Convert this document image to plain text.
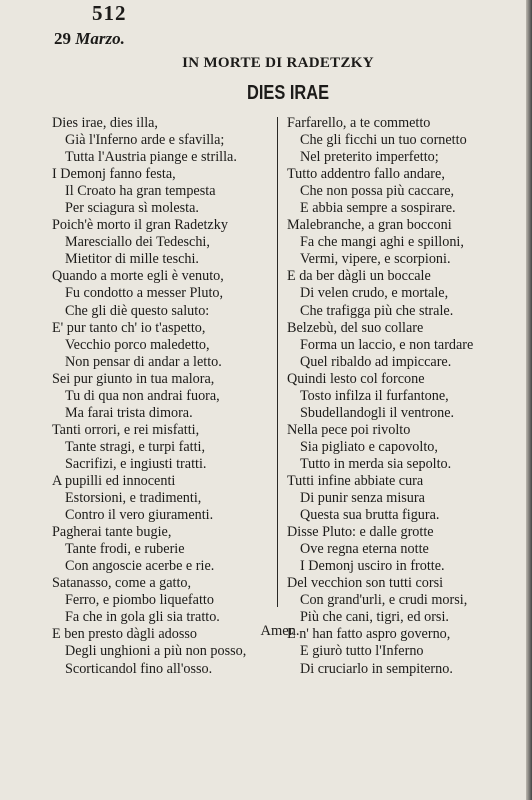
512
29 Marzo.
IN MORTE DI RADETZKY
DIES IRAE
Dies irae, dies illa,
Già l'Inferno arde e sfavilla;
Tutta l'Austria piange e strilla.
I Demonj fanno festa,
Il Croato ha gran tempesta
Per sciagura sì molesta.
Poich'è morto il gran Radetzky
Maresciallo dei Tedeschi,
Mietitor di mille teschi.
Quando a morte egli è venuto,
Fu condotto a messer Pluto,
Che gli diè questo saluto:
E' pur tanto ch' io t'aspetto,
Vecchio porco maledetto,
Non pensar di andar a letto.
Sei pur giunto in tua malora,
Tu di qua non andrai fuora,
Ma farai trista dimora.
Tanti orrori, e rei misfatti,
Tante stragi, e turpi fatti,
Sacrifizi, e ingiusti tratti.
A pupilli ed innocenti
Estorsioni, e tradimenti,
Contro il vero giuramenti.
Pagherai tante bugie,
Tante frodi, e ruberie
Con angoscie acerbe e rie.
Satanasso, come a gatto,
Ferro, e piombo liquefatto
Fa che in gola gli sia tratto.
E ben presto dàgli adosso
Degli unghioni a più non posso,
Scorticandol fino all'osso.
Farfarello, a te commetto
Che gli ficchi un tuo cornetto
Nel preterito imperfetto;
Tutto addentro fallo andare,
Che non possa più caccare,
E abbia sempre a sospirare.
Malebranche, a gran bocconi
Fa che mangi aghi e spilloni,
Vermi, vipere, e scorpioni.
E da ber dàgli un boccale
Di velen crudo, e mortale,
Che trafigga più che strale.
Belzebù, del suo collare
Forma un laccio, e non tardare
Quel ribaldo ad impiccare.
Quindi lesto col forcone
Tosto infilza il furfantone,
Sbudellandogli il ventrone.
Nella pece poi rivolto
Sia pigliato e capovolto,
Tutto in merda sia sepolto.
Tutti infine abbiate cura
Di punir senza misura
Questa sua brutta figura.
Disse Pluto: e dalle grotte
Ove regna eterna notte
I Demonj usciro in frotte.
Del vecchion son tutti corsi
Con grand'urli, e crudi morsi,
Più che cani, tigri, ed orsi.
E n' han fatto aspro governo,
E giurò tutto l'Inferno
Di cruciarlo in sempiterno.
Amen.
